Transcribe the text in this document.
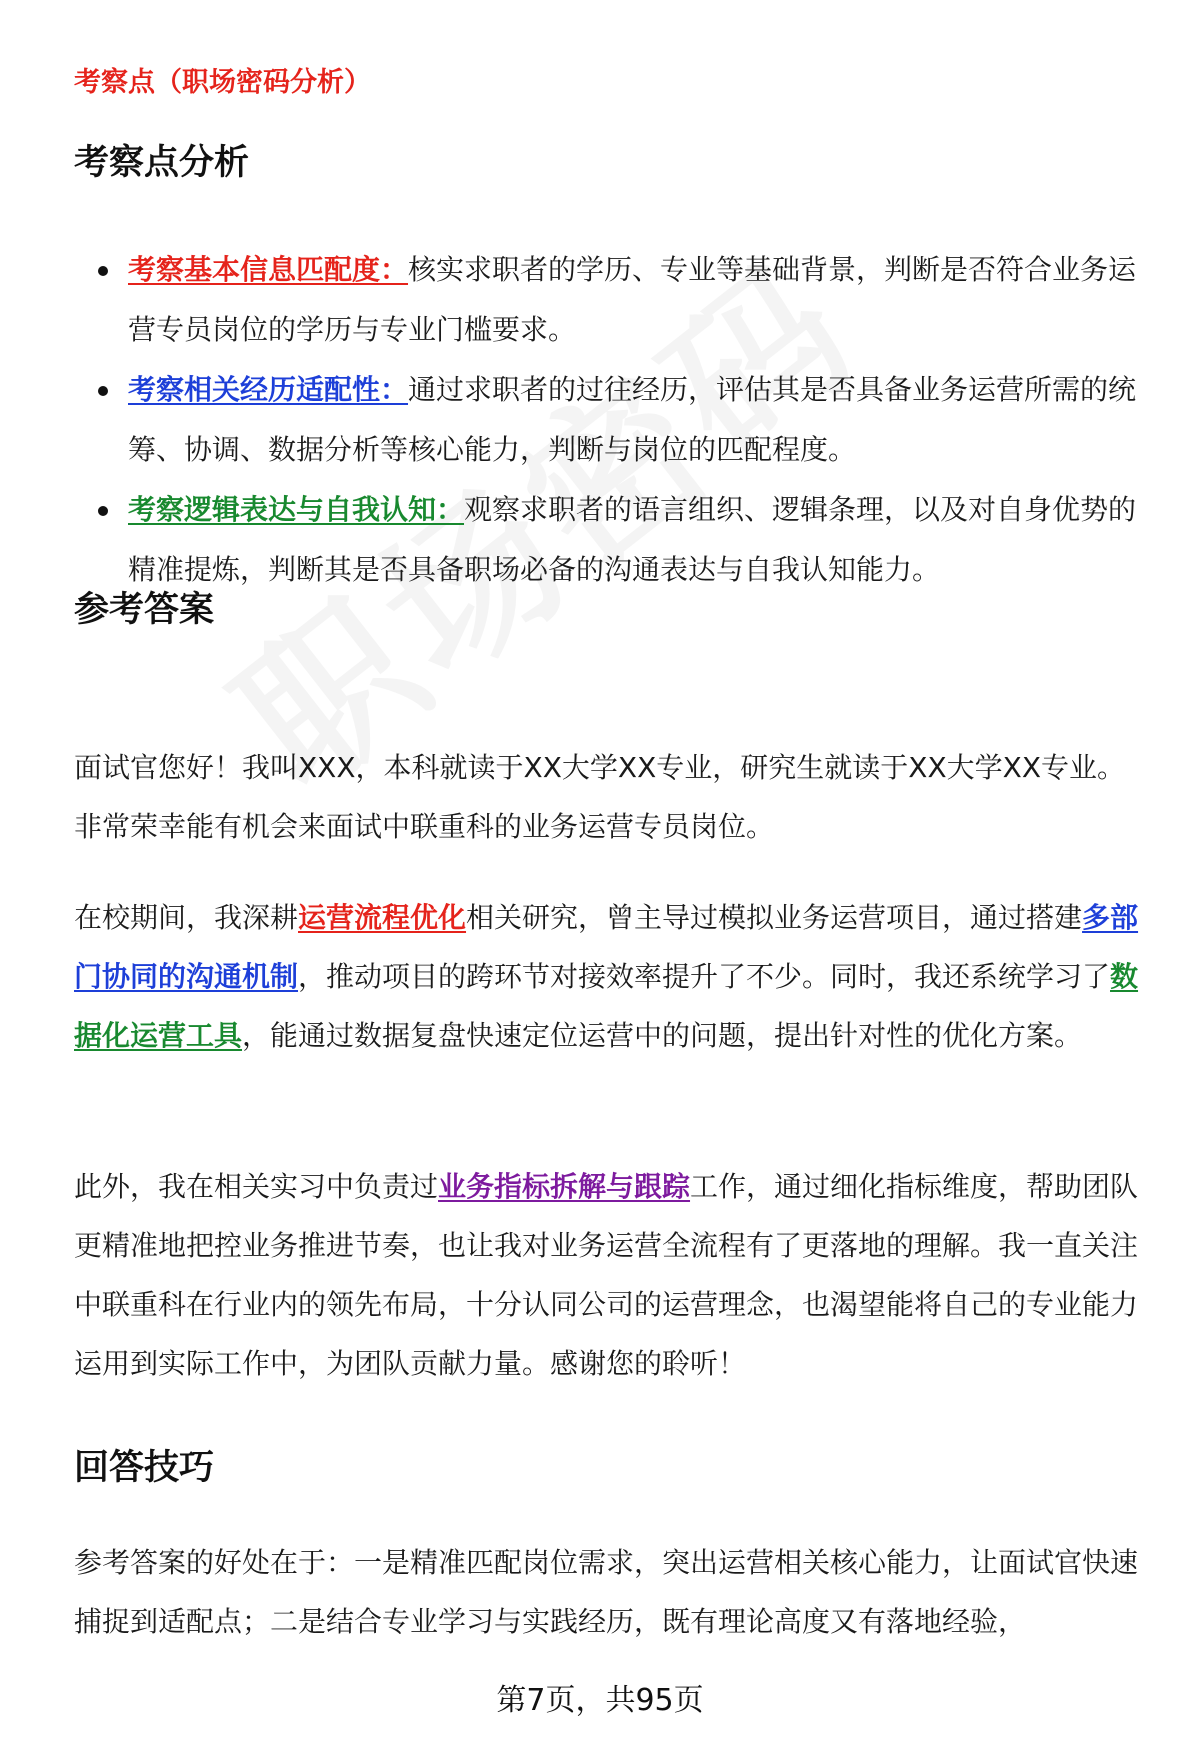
考察点（职场密码分析）
考察点分析
考察基本信息匹配度：核实求职者的学历、专业等基础背景，判断是否符合业务运营专员岗位的学历与专业门槛要求。
考察相关经历适配性：通过求职者的过往经历，评估其是否具备业务运营所需的统筹、协调、数据分析等核心能力，判断与岗位的匹配程度。
考察逻辑表达与自我认知：观察求职者的语言组织、逻辑条理，以及对自身优势的精准提炼，判断其是否具备职场必备的沟通表达与自我认知能力。
参考答案

面试官您好！我叫XXX，本科就读于XX大学XX专业，研究生就读于XX大学XX专业。非常荣幸能有机会来面试中联重科的业务运营专员岗位。

在校期间，我深耕运营流程优化相关研究，曾主导过模拟业务运营项目，通过搭建多部门协同的沟通机制，推动项目的跨环节对接效率提升了不少。同时，我还系统学习了数据化运营工具，能通过数据复盘快速定位运营中的问题，提出针对性的优化方案。

此外，我在相关实习中负责过业务指标拆解与跟踪工作，通过细化指标维度，帮助团队更精准地把控业务推进节奏，也让我对业务运营全流程有了更落地的理解。我一直关注中联重科在行业内的领先布局，十分认同公司的运营理念，也渴望能将自己的专业能力运用到实际工作中，为团队贡献力量。感谢您的聆听！

回答技巧

参考答案的好处在于：一是精准匹配岗位需求，突出运营相关核心能力，让面试官快速捕捉到适配点；二是结合专业学习与实践经历，既有理论高度又有落地经验，

第7页，共95页
